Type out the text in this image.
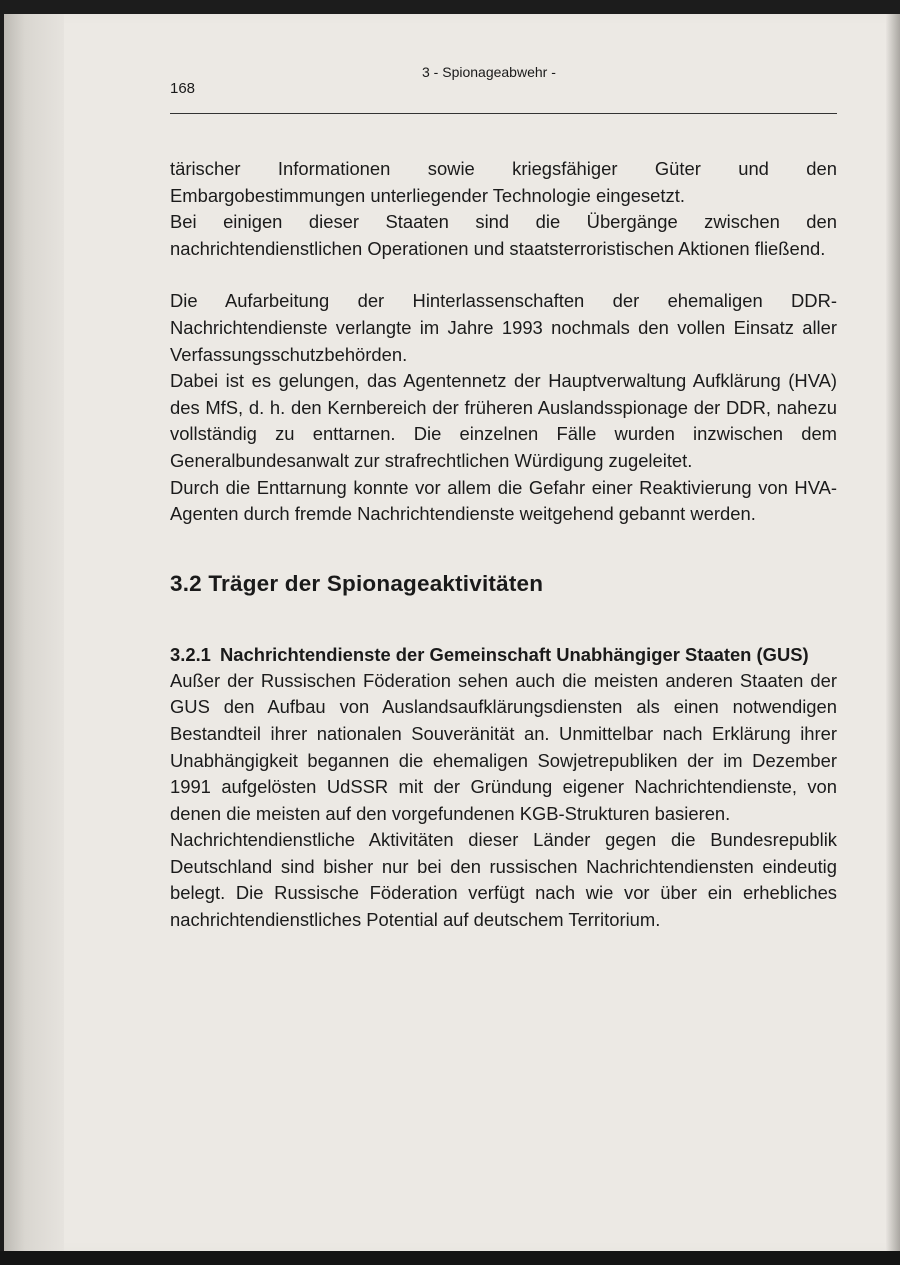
3 - Spionageabwehr -
168

tärischer Informationen sowie kriegsfähiger Güter und den Embargobestimmungen unterliegender Technologie eingesetzt.

Bei einigen dieser Staaten sind die Übergänge zwischen den nachrichtendienstlichen Operationen und staatsterroristischen Aktionen fließend.

Die Aufarbeitung der Hinterlassenschaften der ehemaligen DDR-Nachrichtendienste verlangte im Jahre 1993 nochmals den vollen Einsatz aller Verfassungsschutzbehörden.

Dabei ist es gelungen, das Agentennetz der Hauptverwaltung Aufklärung (HVA) des MfS, d. h. den Kernbereich der früheren Auslandsspionage der DDR, nahezu vollständig zu enttarnen. Die einzelnen Fälle wurden inzwischen dem Generalbundesanwalt zur strafrechtlichen Würdigung zugeleitet.

Durch die Enttarnung konnte vor allem die Gefahr einer Reaktivierung von HVA-Agenten durch fremde Nachrichtendienste weitgehend gebannt werden.

3.2 Träger der Spionageaktivitäten
3.2.1 Nachrichtendienste der Gemeinschaft Unabhängiger Staaten (GUS)

Außer der Russischen Föderation sehen auch die meisten anderen Staaten der GUS den Aufbau von Auslandsaufklärungsdiensten als einen notwendigen Bestandteil ihrer nationalen Souveränität an. Unmittelbar nach Erklärung ihrer Unabhängigkeit begannen die ehemaligen Sowjetrepubliken der im Dezember 1991 aufgelösten UdSSR mit der Gründung eigener Nachrichtendienste, von denen die meisten auf den vorgefundenen KGB-Strukturen basieren.

Nachrichtendienstliche Aktivitäten dieser Länder gegen die Bundesrepublik Deutschland sind bisher nur bei den russischen Nachrichtendiensten eindeutig belegt. Die Russische Föderation verfügt nach wie vor über ein erhebliches nachrichtendienstliches Potential auf deutschem Territorium.
